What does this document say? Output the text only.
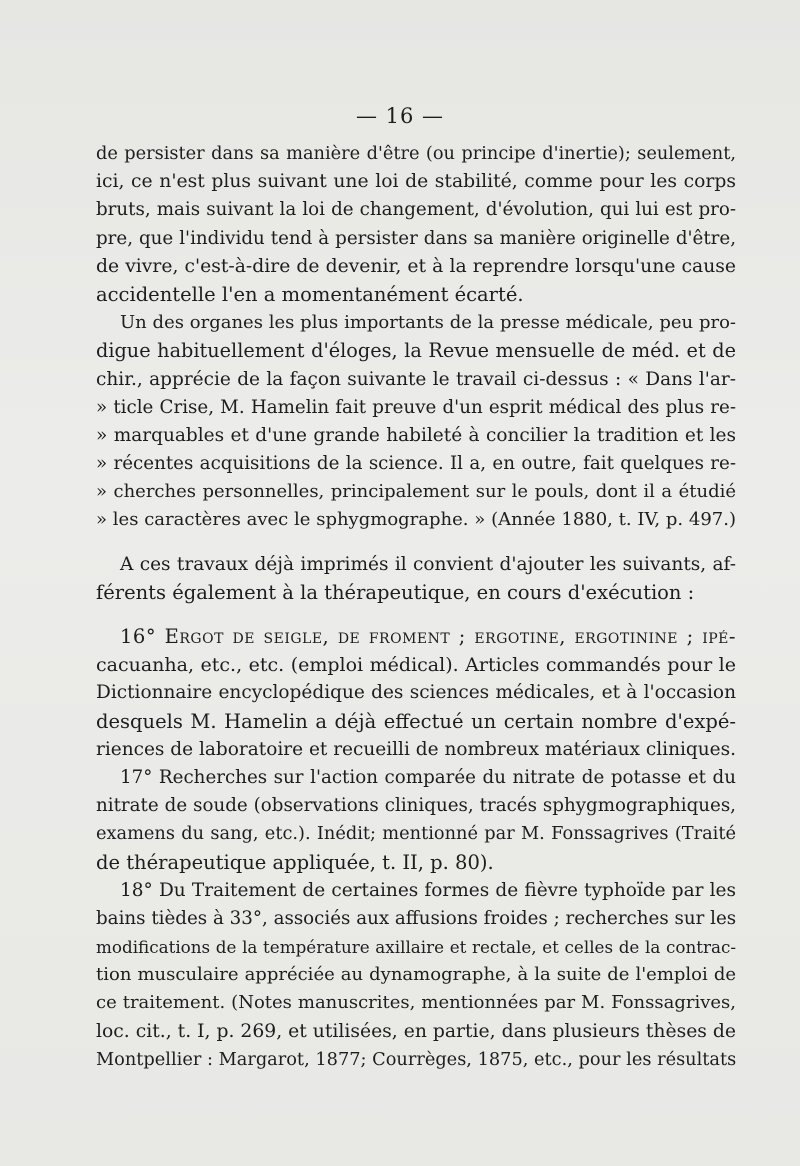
— 16 —
de persister dans sa manière d'être (ou principe d'inertie); seulement,
ici, ce n'est plus suivant une loi de stabilité, comme pour les corps
bruts, mais suivant la loi de changement, d'évolution, qui lui est pro-
pre, que l'individu tend à persister dans sa manière originelle d'être,
de vivre, c'est-à-dire de devenir, et à la reprendre lorsqu'une cause
accidentelle l'en a momentanément écarté.
Un des organes les plus importants de la presse médicale, peu pro-
digue habituellement d'éloges, la Revue mensuelle de méd. et de
chir., apprécie de la façon suivante le travail ci-dessus : « Dans l'ar-
» ticle Crise, M. Hamelin fait preuve d'un esprit médical des plus re-
» marquables et d'une grande habileté à concilier la tradition et les
» récentes acquisitions de la science. Il a, en outre, fait quelques re-
» cherches personnelles, principalement sur le pouls, dont il a étudié
» les caractères avec le sphygmographe. » (Année 1880, t. IV, p. 497.)
A ces travaux déjà imprimés il convient d'ajouter les suivants, af-
férents également à la thérapeutique, en cours d'exécution :
16° Ergot de seigle, de froment ; ergotine, ergotinine ; ipé-
cacuanha, etc., etc. (emploi médical). Articles commandés pour le
Dictionnaire encyclopédique des sciences médicales, et à l'occasion
desquels M. Hamelin a déjà effectué un certain nombre d'expé-
riences de laboratoire et recueilli de nombreux matériaux cliniques.
17° Recherches sur l'action comparée du nitrate de potasse et du
nitrate de soude (observations cliniques, tracés sphygmographiques,
examens du sang, etc.). Inédit; mentionné par M. Fonssagrives (Traité
de thérapeutique appliquée, t. II, p. 80).
18° Du Traitement de certaines formes de fièvre typhoïde par les
bains tièdes à 33°, associés aux affusions froides ; recherches sur les
modifications de la température axillaire et rectale, et celles de la contrac-
tion musculaire appréciée au dynamographe, à la suite de l'emploi de
ce traitement. (Notes manuscrites, mentionnées par M. Fonssagrives,
loc. cit., t. I, p. 269, et utilisées, en partie, dans plusieurs thèses de
Montpellier : Margarot, 1877; Courrèges, 1875, etc., pour les résultats
